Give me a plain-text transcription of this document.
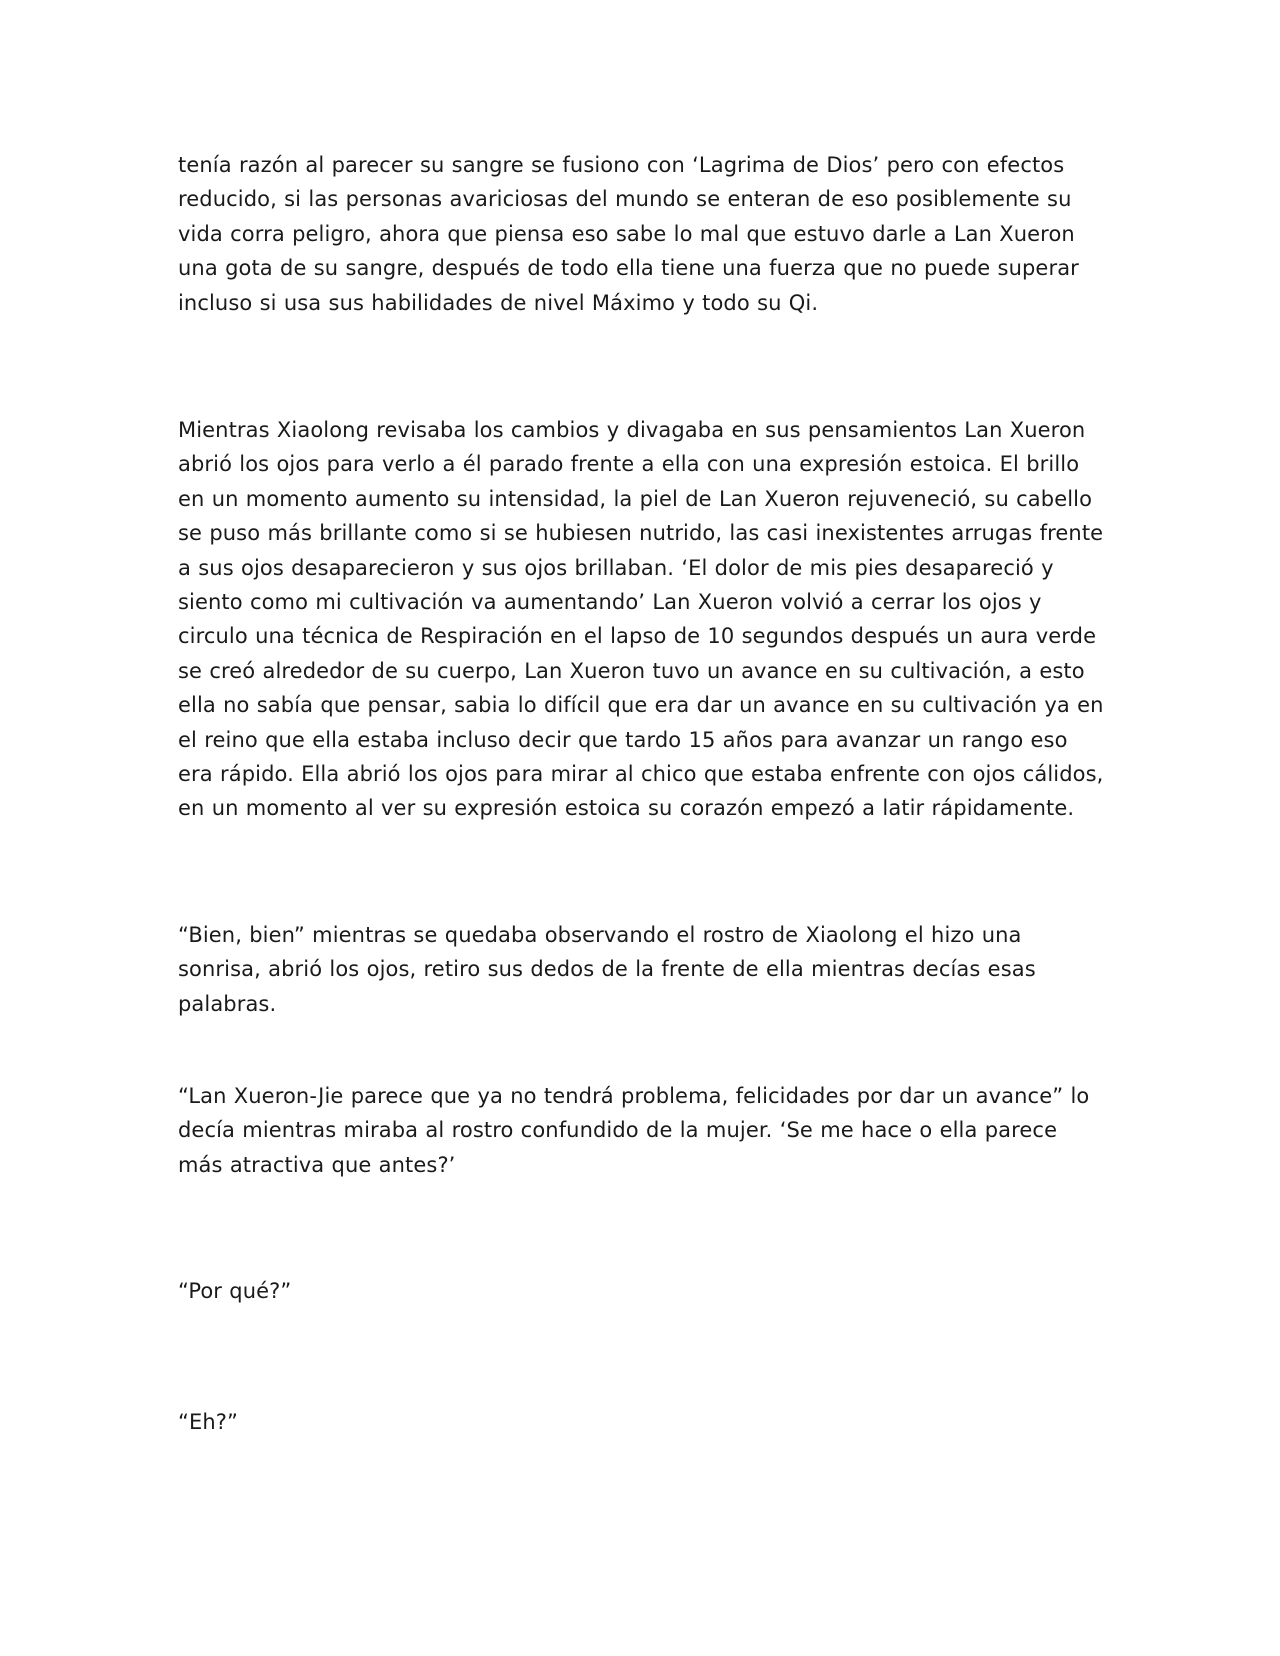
tenía razón al parecer su sangre se fusiono con ‘Lagrima de Dios’ pero con efectos reducido, si las personas avariciosas del mundo se enteran de eso posiblemente su vida corra peligro, ahora que piensa eso sabe lo mal que estuvo darle a Lan Xueron una gota de su sangre, después de todo ella tiene una fuerza que no puede superar incluso si usa sus habilidades de nivel Máximo y todo su Qi.

Mientras Xiaolong revisaba los cambios y divagaba en sus pensamientos Lan Xueron abrió los ojos para verlo a él parado frente a ella con una expresión estoica. El brillo en un momento aumento su intensidad, la piel de Lan Xueron rejuveneció, su cabello se puso más brillante como si se hubiesen nutrido, las casi inexistentes arrugas frente a sus ojos desaparecieron y sus ojos brillaban. ‘El dolor de mis pies desapareció y siento como mi cultivación va aumentando’ Lan Xueron volvió a cerrar los ojos y circulo una técnica de Respiración en el lapso de 10 segundos después un aura verde se creó alrededor de su cuerpo, Lan Xueron tuvo un avance en su cultivación, a esto ella no sabía que pensar, sabia lo difícil que era dar un avance en su cultivación ya en el reino que ella estaba incluso decir que tardo 15 años para avanzar un rango eso era rápido. Ella abrió los ojos para mirar al chico que estaba enfrente con ojos cálidos, en un momento al ver su expresión estoica su corazón empezó a latir rápidamente.

“Bien, bien” mientras se quedaba observando el rostro de Xiaolong el hizo una sonrisa, abrió los ojos, retiro sus dedos de la frente de ella mientras decías esas palabras.

“Lan Xueron-Jie parece que ya no tendrá problema, felicidades por dar un avance” lo decía mientras miraba al rostro confundido de la mujer. ‘Se me hace o ella parece más atractiva que antes?’

“Por qué?”

“Eh?”
